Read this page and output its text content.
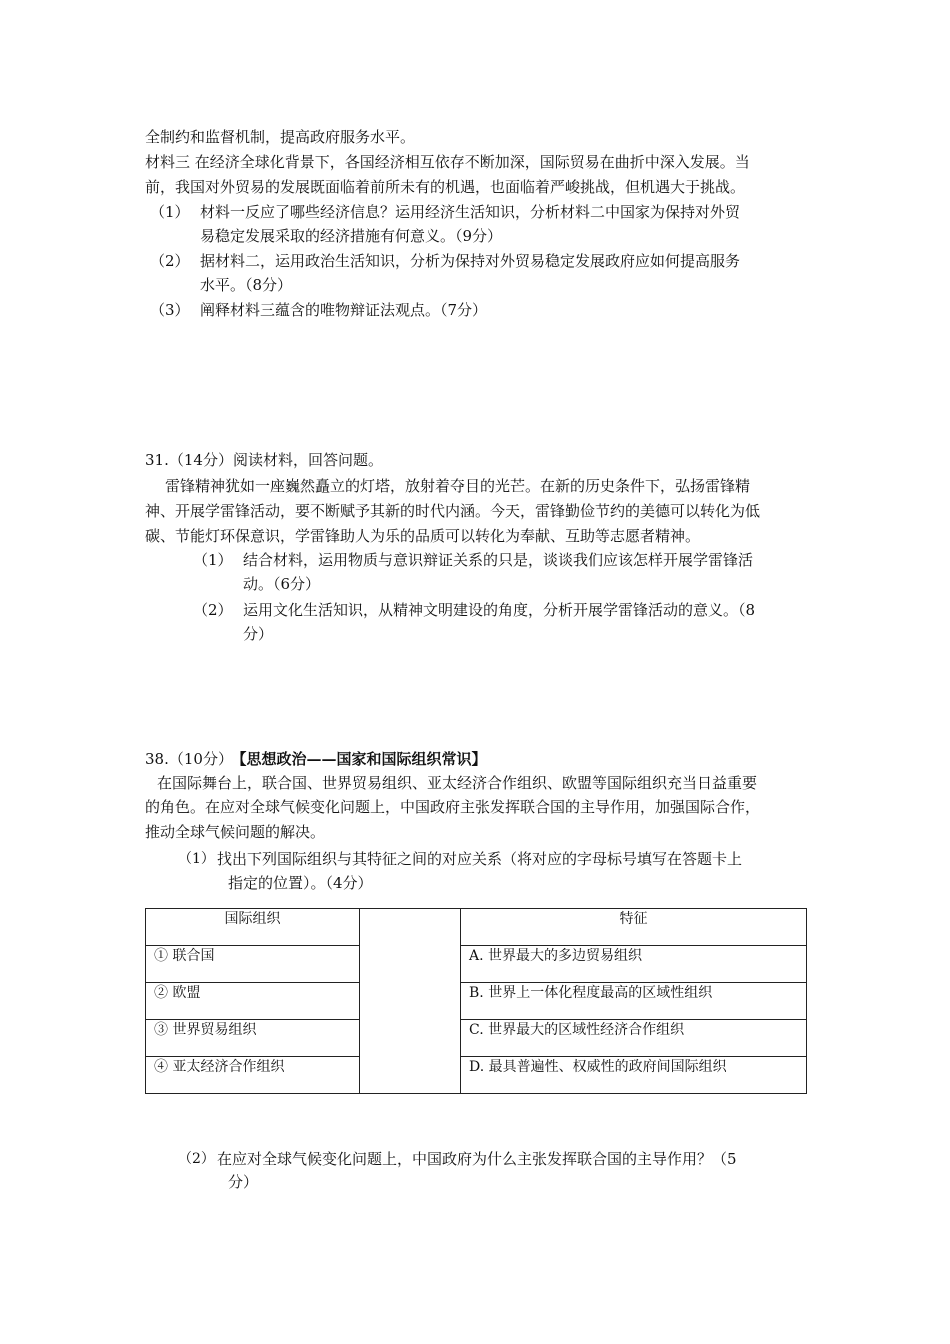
全制约和监督机制，提高政府服务水平。
材料三 在经济全球化背景下，各国经济相互依存不断加深，国际贸易在曲折中深入发展。当
前，我国对外贸易的发展既面临着前所未有的机遇，也面临着严峻挑战，但机遇大于挑战。
（1） 材料一反应了哪些经济信息？运用经济生活知识，分析材料二中国家为保持对外贸
易稳定发展采取的经济措施有何意义。（9分）
（2） 据材料二，运用政治生活知识，分析为保持对外贸易稳定发展政府应如何提高服务
水平。（8分）
（3） 阐释材料三蕴含的唯物辩证法观点。（7分）
31.（14分）阅读材料，回答问题。
雷锋精神犹如一座巍然矗立的灯塔，放射着夺目的光芒。在新的历史条件下，弘扬雷锋精
神、开展学雷锋活动，要不断赋予其新的时代内涵。今天，雷锋勤俭节约的美德可以转化为低
碳、节能灯环保意识，学雷锋助人为乐的品质可以转化为奉献、互助等志愿者精神。
（1） 结合材料，运用物质与意识辩证关系的只是，谈谈我们应该怎样开展学雷锋活
动。（6分）
（2） 运用文化生活知识，从精神文明建设的角度，分析开展学雷锋活动的意义。（8
分）
38.（10分） 【思想政治——国家和国际组织常识】
在国际舞台上，联合国、世界贸易组织、亚太经济合作组织、欧盟等国际组织充当日益重要
的角色。在应对全球气候变化问题上，中国政府主张发挥联合国的主导作用，加强国际合作，
推动全球气候问题的解决。
（1） 找出下列国际组织与其特征之间的对应关系（将对应的字母标号填写在答题卡上
指定的位置）。（4分）
国际组织		特征
① 联合国		A. 世界最大的多边贸易组织
② 欧盟		B. 世界上一体化程度最高的区域性组织
③ 世界贸易组织		C. 世界最大的区域性经济合作组织
④ 亚太经济合作组织		D. 最具普遍性、权威性的政府间国际组织
（2） 在应对全球气候变化问题上，中国政府为什么主张发挥联合国的主导作用？（5
分）
